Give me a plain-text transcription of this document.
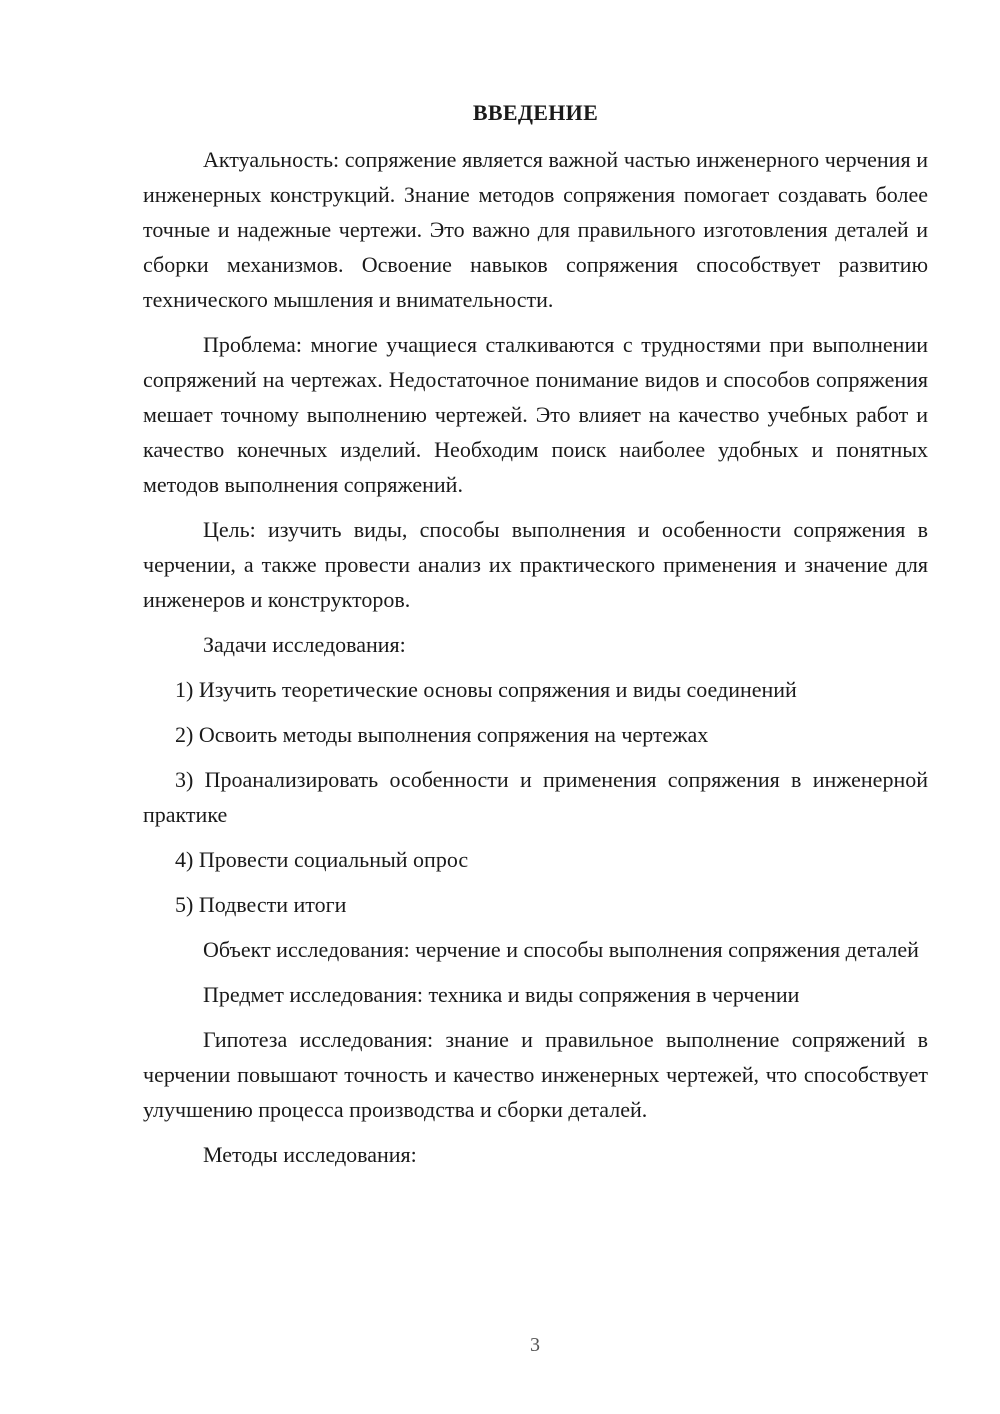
ВВЕДЕНИЕ

Актуальность: сопряжение является важной частью инженерного черчения и инженерных конструкций. Знание методов сопряжения помогает создавать более точные и надежные чертежи. Это важно для правильного изготовления деталей и сборки механизмов. Освоение навыков сопряжения способствует развитию технического мышления и внимательности.

Проблема: многие учащиеся сталкиваются с трудностями при выполнении сопряжений на чертежах. Недостаточное понимание видов и способов сопряжения мешает точному выполнению чертежей. Это влияет на качество учебных работ и качество конечных изделий. Необходим поиск наиболее удобных и понятных методов выполнения сопряжений.

Цель: изучить виды, способы выполнения и особенности сопряжения в черчении, а также провести анализ их практического применения и значение для инженеров и конструкторов.

Задачи исследования:

1) Изучить теоретические основы сопряжения и виды соединений

2) Освоить методы выполнения сопряжения на чертежах

3) Проанализировать особенности и применения сопряжения в инженерной практике

4) Провести социальный опрос

5) Подвести итоги

Объект исследования: черчение и способы выполнения сопряжения деталей

Предмет исследования: техника и виды сопряжения в черчении

Гипотеза исследования: знание и правильное выполнение сопряжений в черчении повышают точность и качество инженерных чертежей, что способствует улучшению процесса производства и сборки деталей.

Методы исследования:

3
